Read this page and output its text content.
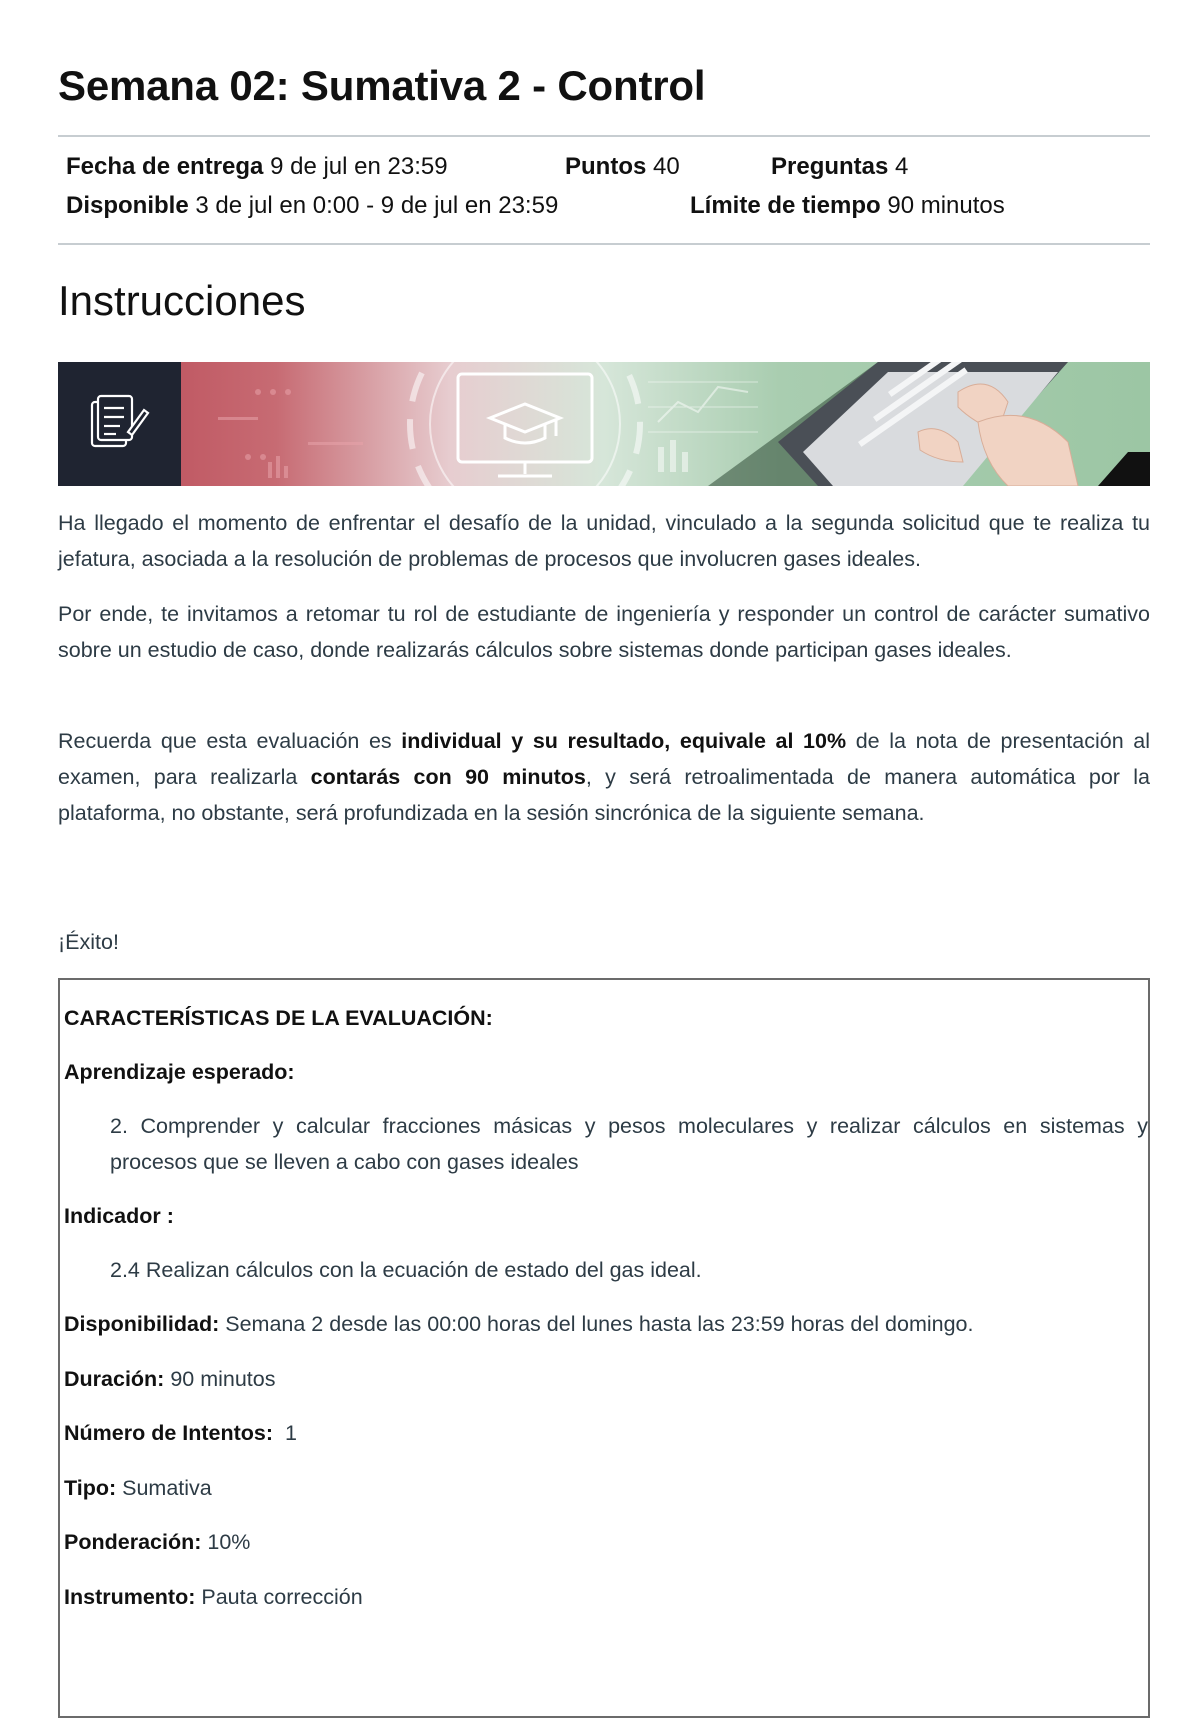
Semana 02: Sumativa 2 - Control
Fecha de entrega 9 de jul en 23:59	Puntos 40	Preguntas 4
Disponible 3 de jul en 0:00 - 9 de jul en 23:59	Límite de tiempo 90 minutos
Instrucciones

Ha llegado el momento de enfrentar el desafío de la unidad, vinculado a la segunda solicitud que te realiza tu jefatura, asociada a la resolución de problemas de procesos que involucren gases ideales.

Por ende, te invitamos a retomar tu rol de estudiante de ingeniería y responder un control de carácter sumativo sobre un estudio de caso, donde realizarás cálculos sobre sistemas donde participan gases ideales.

Recuerda que esta evaluación es individual y su resultado, equivale al 10% de la nota de presentación al examen, para realizarla contarás con 90 minutos, y será retroalimentada de manera automática por la plataforma, no obstante, será profundizada en la sesión sincrónica de la siguiente semana.

¡Éxito!

CARACTERÍSTICAS DE LA EVALUACIÓN:
Aprendizaje esperado:
2. Comprender y calcular fracciones másicas y pesos moleculares y realizar cálculos en sistemas y procesos que se lleven a cabo con gases ideales
Indicador :
2.4 Realizan cálculos con la ecuación de estado del gas ideal.
Disponibilidad: Semana 2 desde las 00:00 horas del lunes hasta las 23:59 horas del domingo.
Duración: 90 minutos
Número de Intentos:  1
Tipo: Sumativa
Ponderación: 10%
Instrumento: Pauta corrección
